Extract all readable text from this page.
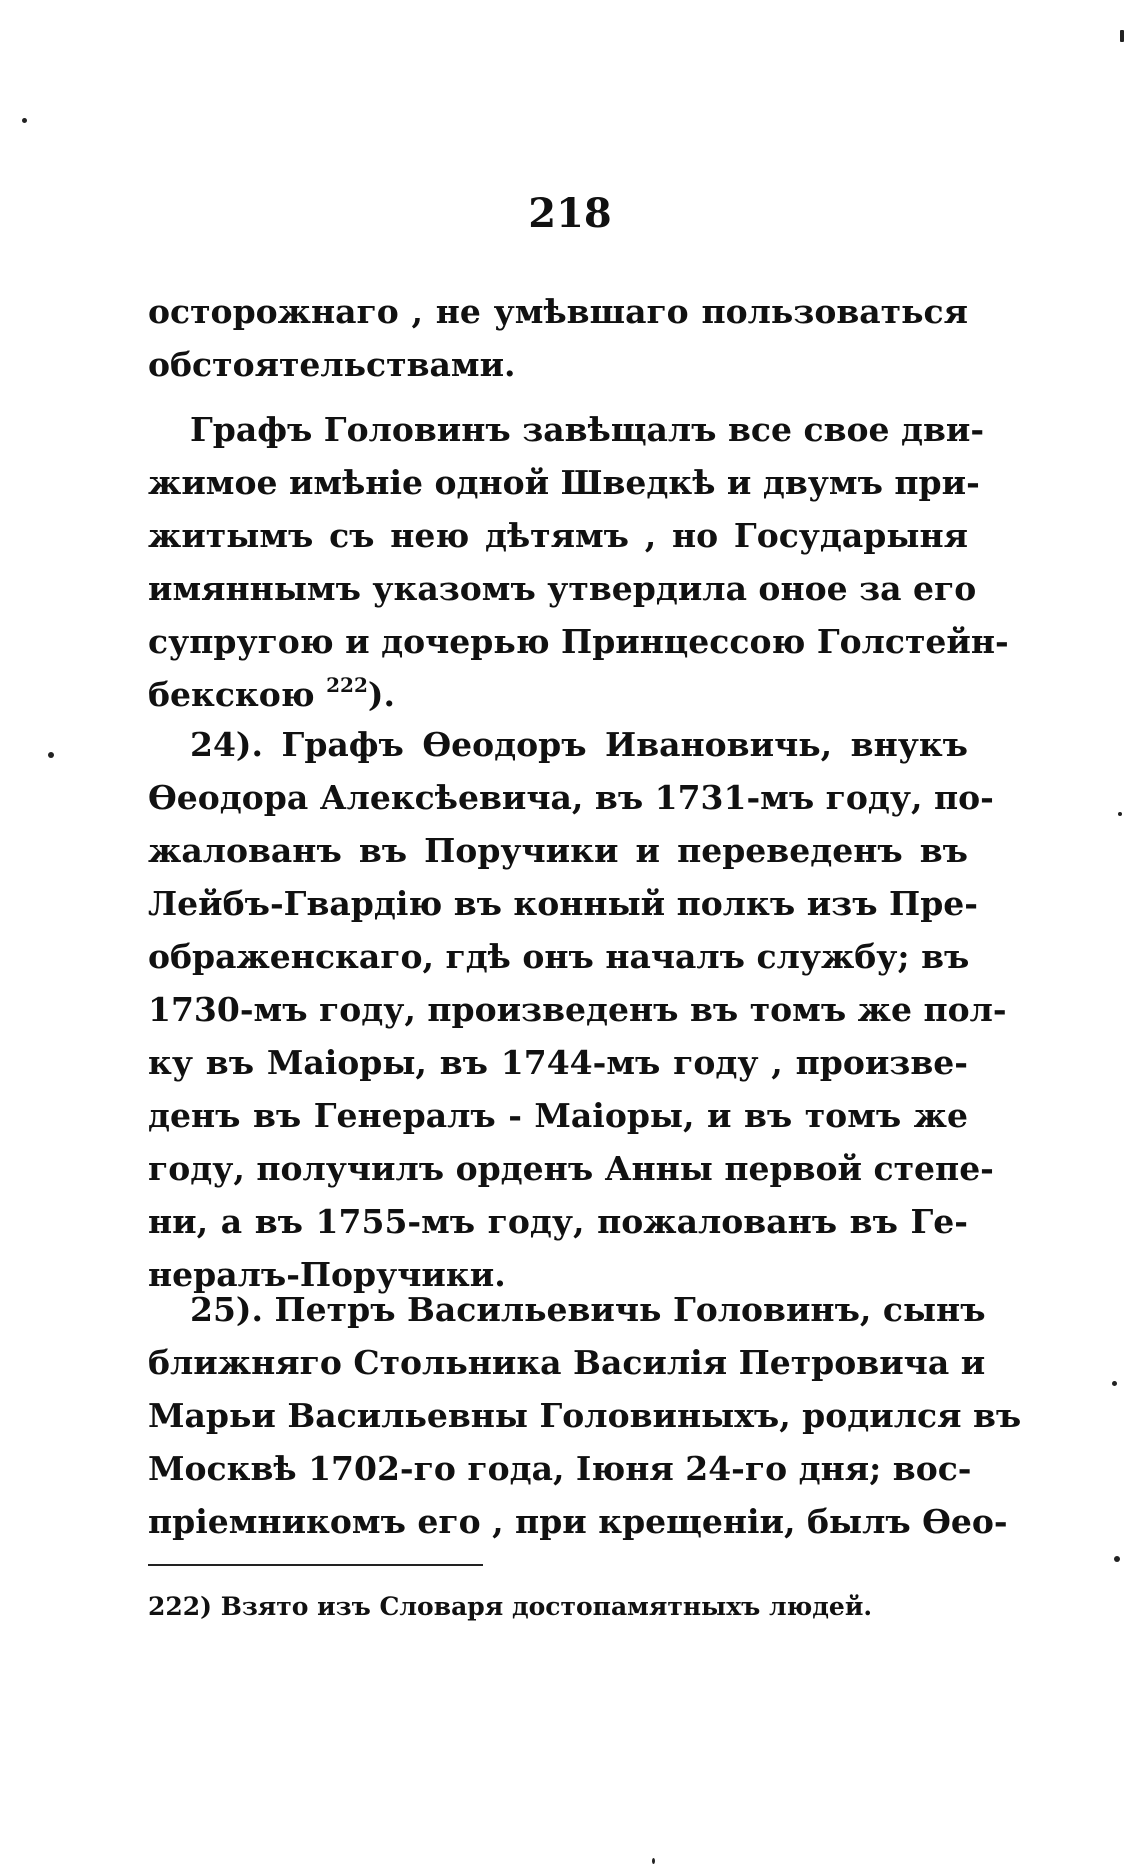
218
осторожнаго , не умѣвшаго пользоваться
обстоятельствами.
Графъ Головинъ завѣщалъ все свое дви-
жимое имѣніе одной Шведкѣ и двумъ при-
житымъ съ нею дѣтямъ , но Государыня
имяннымъ указомъ утвердила оное за его
супругою и дочерью Принцессою Голстейн-
бекскою $^{222}$).
24). Графъ Ѳеодоръ Ивановичь, внукъ
Ѳеодора Алексѣевича, въ 1731-мъ году, по-
жалованъ въ Поручики и переведенъ въ
Лейбъ-Гвардію въ конный полкъ изъ Пре-
ображенскаго, гдѣ онъ началъ службу; въ
1730-мъ году, произведенъ въ томъ же пол-
ку въ Маіоры, въ 1744-мъ году , произве-
денъ въ Генералъ - Маіоры, и въ томъ же
году, получилъ орденъ Анны первой степе-
ни, а въ 1755-мъ году, пожалованъ въ Ге-
нералъ-Поручики.
25). Петръ Васильевичь Головинъ, сынъ
ближняго Стольника Василія Петровича и
Марьи Васильевны Головиныхъ, родился въ
Москвѣ 1702-го года, Іюня 24-го дня; вос-
пріемникомъ его , при крещеніи, былъ Ѳео-
222) Взято изъ Словаря достопамятныхъ людей.
